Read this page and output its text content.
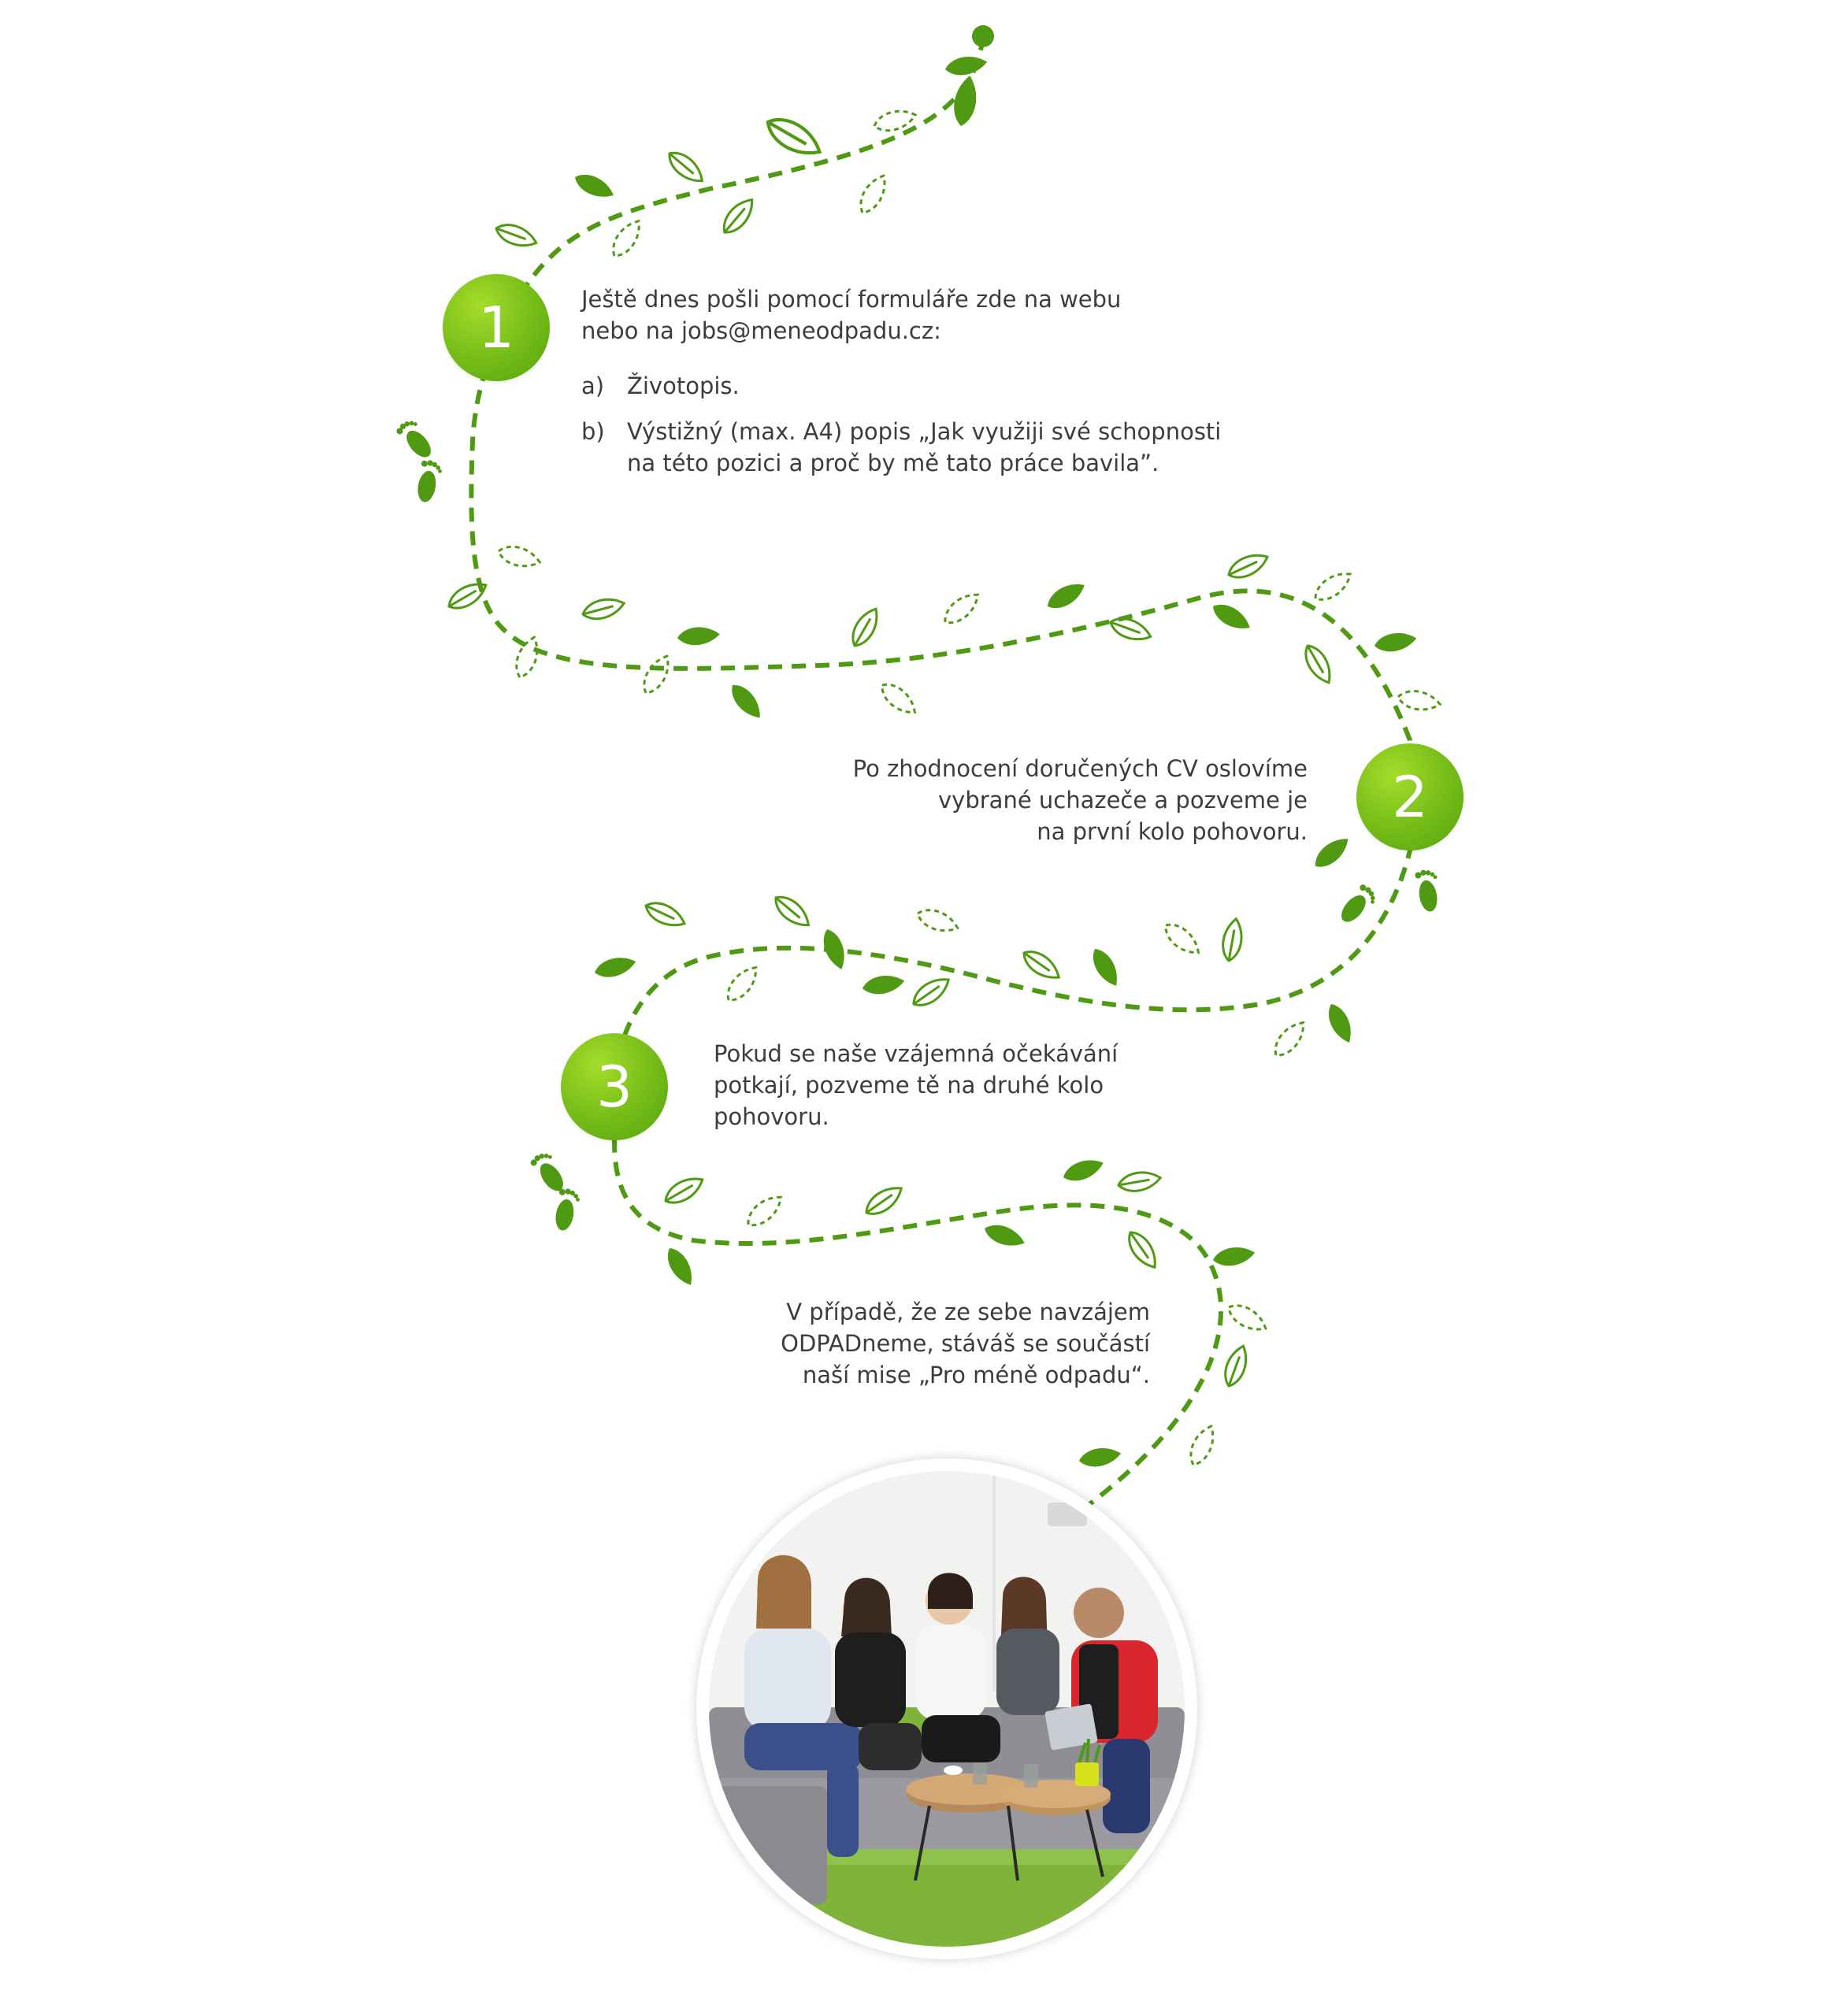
1	Ještě dnes pošli pomocí formuláře zde na webu

nebo na jobs@meneodpadu.cz:

a) Životopis.

b) Výstižný (max. A4) popis „Jak využiji své schopnosti

na této pozici a proč by mě tato práce bavila”.

2

Po zhodnocení doručených CV oslovíme

vybrané uchazeče a pozveme je

na první kolo pohovoru.

3	Pokud se naše vzájemná očekávání

potkají, pozveme tě na druhé kolo

pohovoru.

V případě, že ze sebe navzájem

ODPADneme, stáváš se součástí

naší mise „Pro méně odpadu“.
